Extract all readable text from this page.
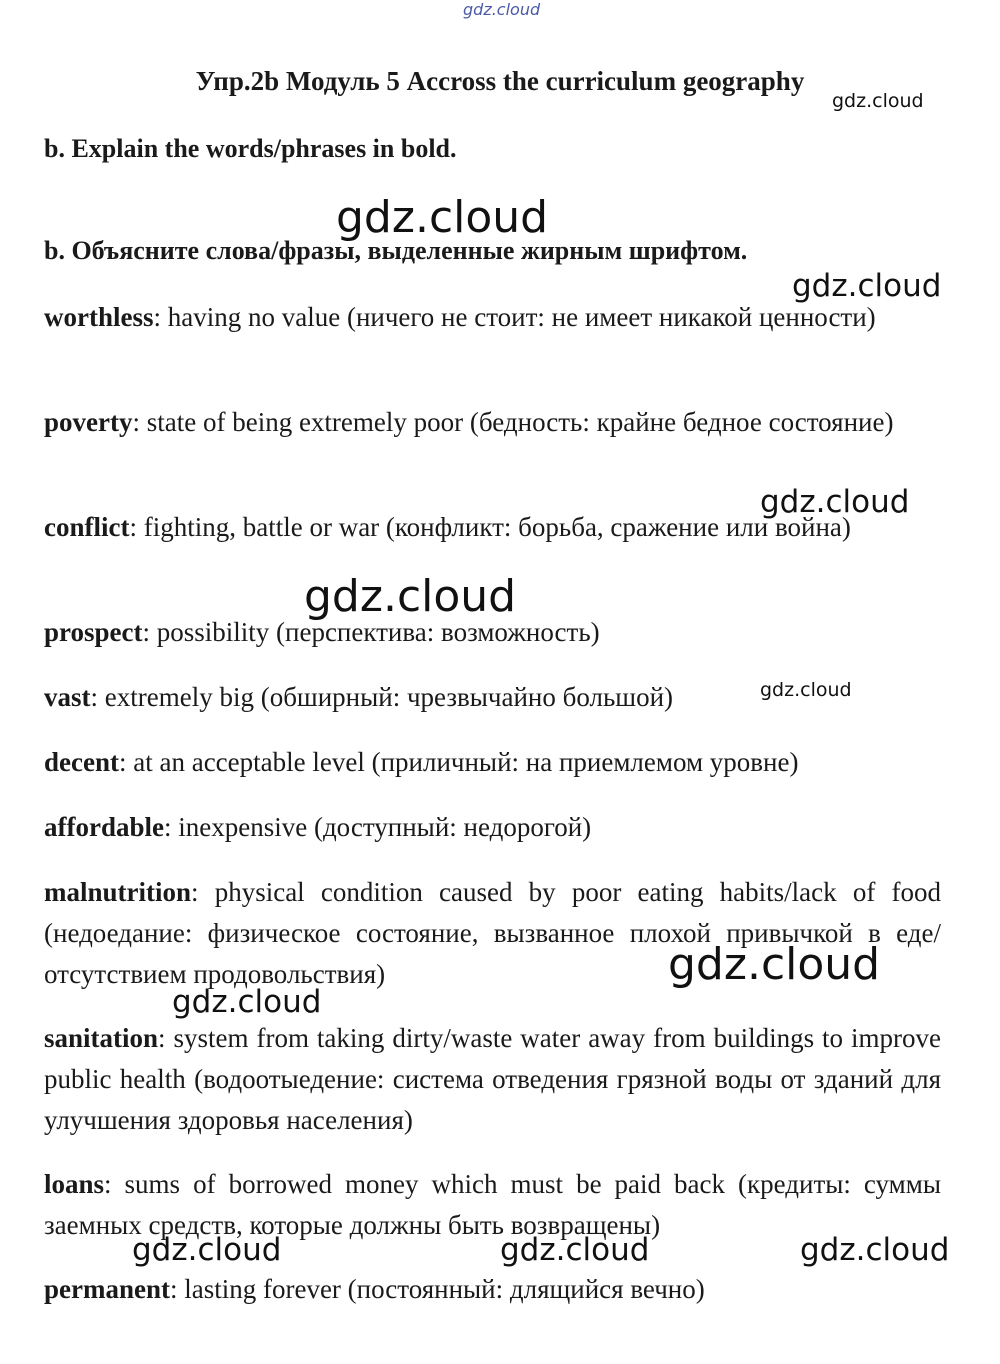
gdz.cloud
gdz.cloud
gdz.cloud
gdz.cloud
gdz.cloud
gdz.cloud
gdz.cloud
gdz.cloud
gdz.cloud
gdz.cloud	gdz.cloud	gdz.cloud
Упр.2b Модуль 5 Accross the curriculum geography
b. Explain the words/phrases in bold.
b. Объясните слова/фразы, выделенные жирным шрифтом.
worthless: having no value (ничего не стоит: не имеет никакой ценности)
poverty: state of being extremely poor (бедность: крайне бедное состояние)
conflict: fighting, battle or war (конфликт: борьба, сражение или война)
prospect: possibility (перспектива: возможность)
vast: extremely big (обширный: чрезвычайно большой)
decent: at an acceptable level (приличный: на приемлемом уровне)
affordable: inexpensive (доступный: недорогой)
malnutrition: physical condition caused by poor eating habits/lack of food (недоедание: физическое состояние, вызванное плохой привычкой в еде/отсутствием продовольствия)
sanitation: system from taking dirty/waste water away from buildings to improve public health (водоотыедение: система отведения грязной воды от зданий для улучшения здоровья населения)
loans: sums of borrowed money which must be paid back (кредиты: суммы заемных средств, которые должны быть возвращены)
permanent: lasting forever (постоянный: длящийся вечно)
